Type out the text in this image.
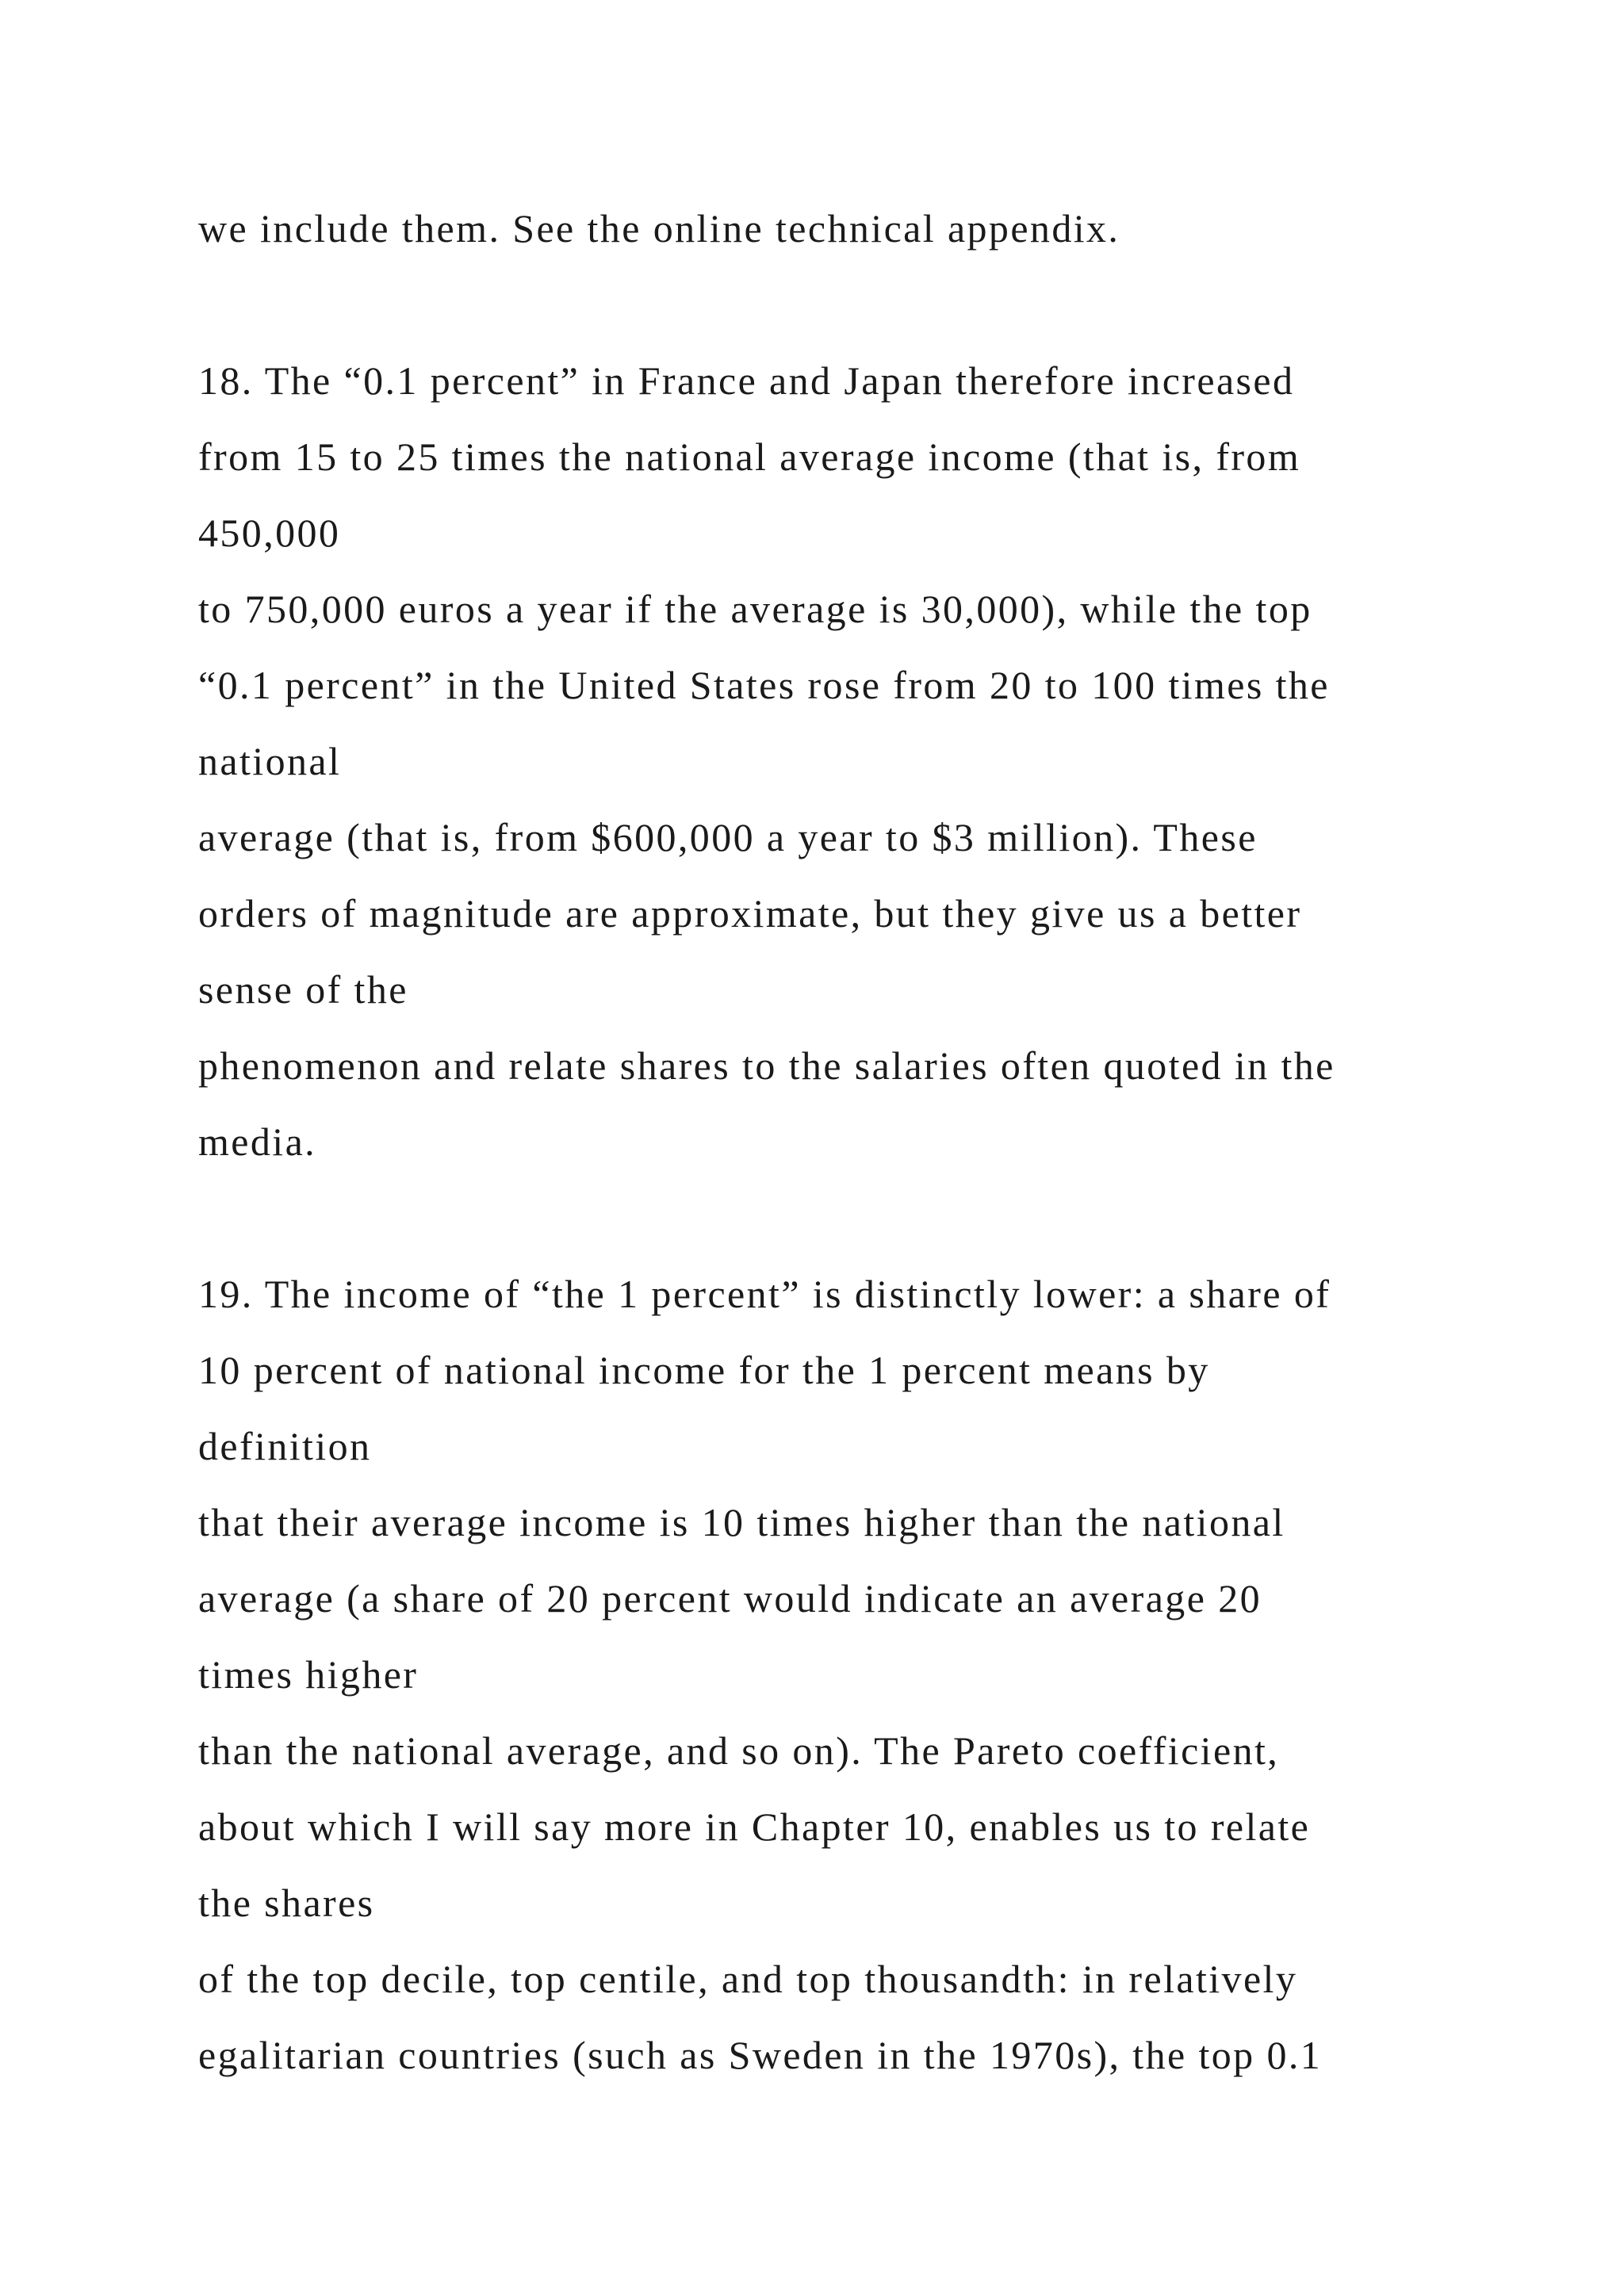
we include them. See the online technical appendix.
18. The “0.1 percent” in France and Japan therefore increased
from 15 to 25 times the national average income (that is, from
450,000
to 750,000 euros a year if the average is 30,000), while the top
“0.1 percent” in the United States rose from 20 to 100 times the
national
average (that is, from $600,000 a year to $3 million). These
orders of magnitude are approximate, but they give us a better
sense of the
phenomenon and relate shares to the salaries often quoted in the
media.
19. The income of “the 1 percent” is distinctly lower: a share of
10 percent of national income for the 1 percent means by
definition
that their average income is 10 times higher than the national
average (a share of 20 percent would indicate an average 20
times higher
than the national average, and so on). The Pareto coefficient,
about which I will say more in Chapter 10, enables us to relate
the shares
of the top decile, top centile, and top thousandth: in relatively
egalitarian countries (such as Sweden in the 1970s), the top 0.1
